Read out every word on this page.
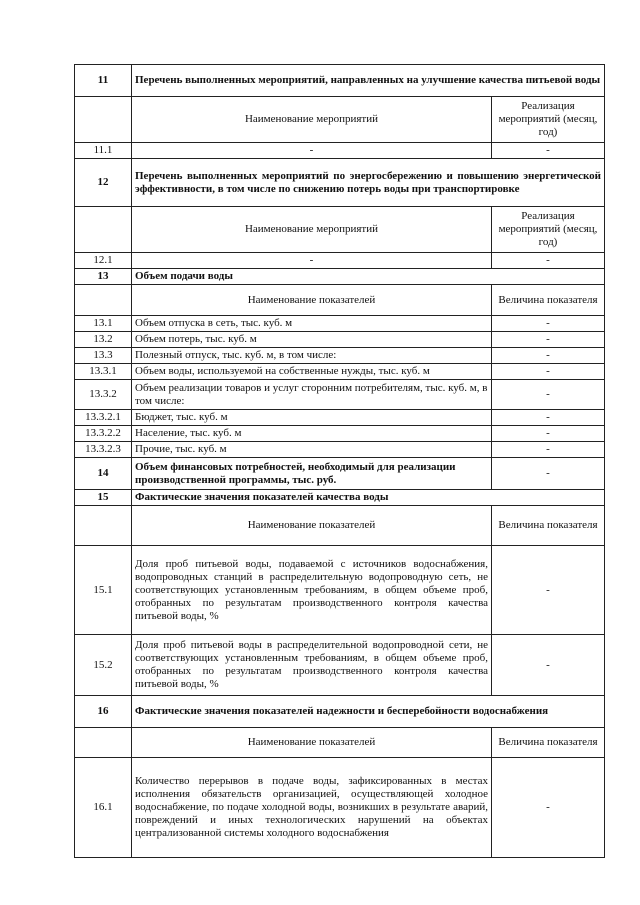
11	Перечень выполненных мероприятий, направленных на улучшение качества питьевой воды	
	Наименование мероприятий	Реализация мероприятий (месяц, год)
11.1	-	-
12	Перечень выполненных мероприятий по энергосбережению и повышению энергетической эффективности, в том числе по снижению потерь воды при транспортировке	
	Наименование мероприятий	Реализация мероприятий (месяц, год)
12.1	-	-
13	Объем подачи воды	
	Наименование показателей	Величина показателя
13.1	Объем отпуска в сеть, тыс. куб. м	-
13.2	Объем потерь, тыс. куб. м	-
13.3	Полезный отпуск, тыс. куб. м, в том числе:	-
13.3.1	Объем воды, используемой на собственные нужды, тыс. куб. м	-
13.3.2	Объем реализации товаров и услуг сторонним потребителям, тыс. куб. м, в том числе:	-
13.3.2.1	Бюджет, тыс. куб. м	-
13.3.2.2	Население, тыс. куб. м	-
13.3.2.3	Прочие, тыс. куб. м	-
14	Объем финансовых потребностей, необходимый для реализации производственной программы, тыс. руб.	-
15	Фактические значения показателей качества воды	
	Наименование показателей	Величина показателя
15.1	Доля проб питьевой воды, подаваемой с источников водоснабжения, водопроводных станций в распределительную водопроводную сеть, не соответствующих установленным требованиям, в общем объеме проб, отобранных по результатам производственного контроля качества питьевой воды, %	-
15.2	Доля проб питьевой воды в распределительной водопроводной сети, не соответствующих установленным требованиям, в общем объеме проб, отобранных по результатам производственного контроля качества питьевой воды, %	-
16	Фактические значения показателей надежности и бесперебойности водоснабжения	
	Наименование показателей	Величина показателя
16.1	Количество перерывов в подаче воды, зафиксированных в местах исполнения обязательств организацией, осуществляющей холодное водоснабжение, по подаче холодной воды, возникших в результате аварий, повреждений и иных технологических нарушений на объектах централизованной системы холодного водоснабжения	-
